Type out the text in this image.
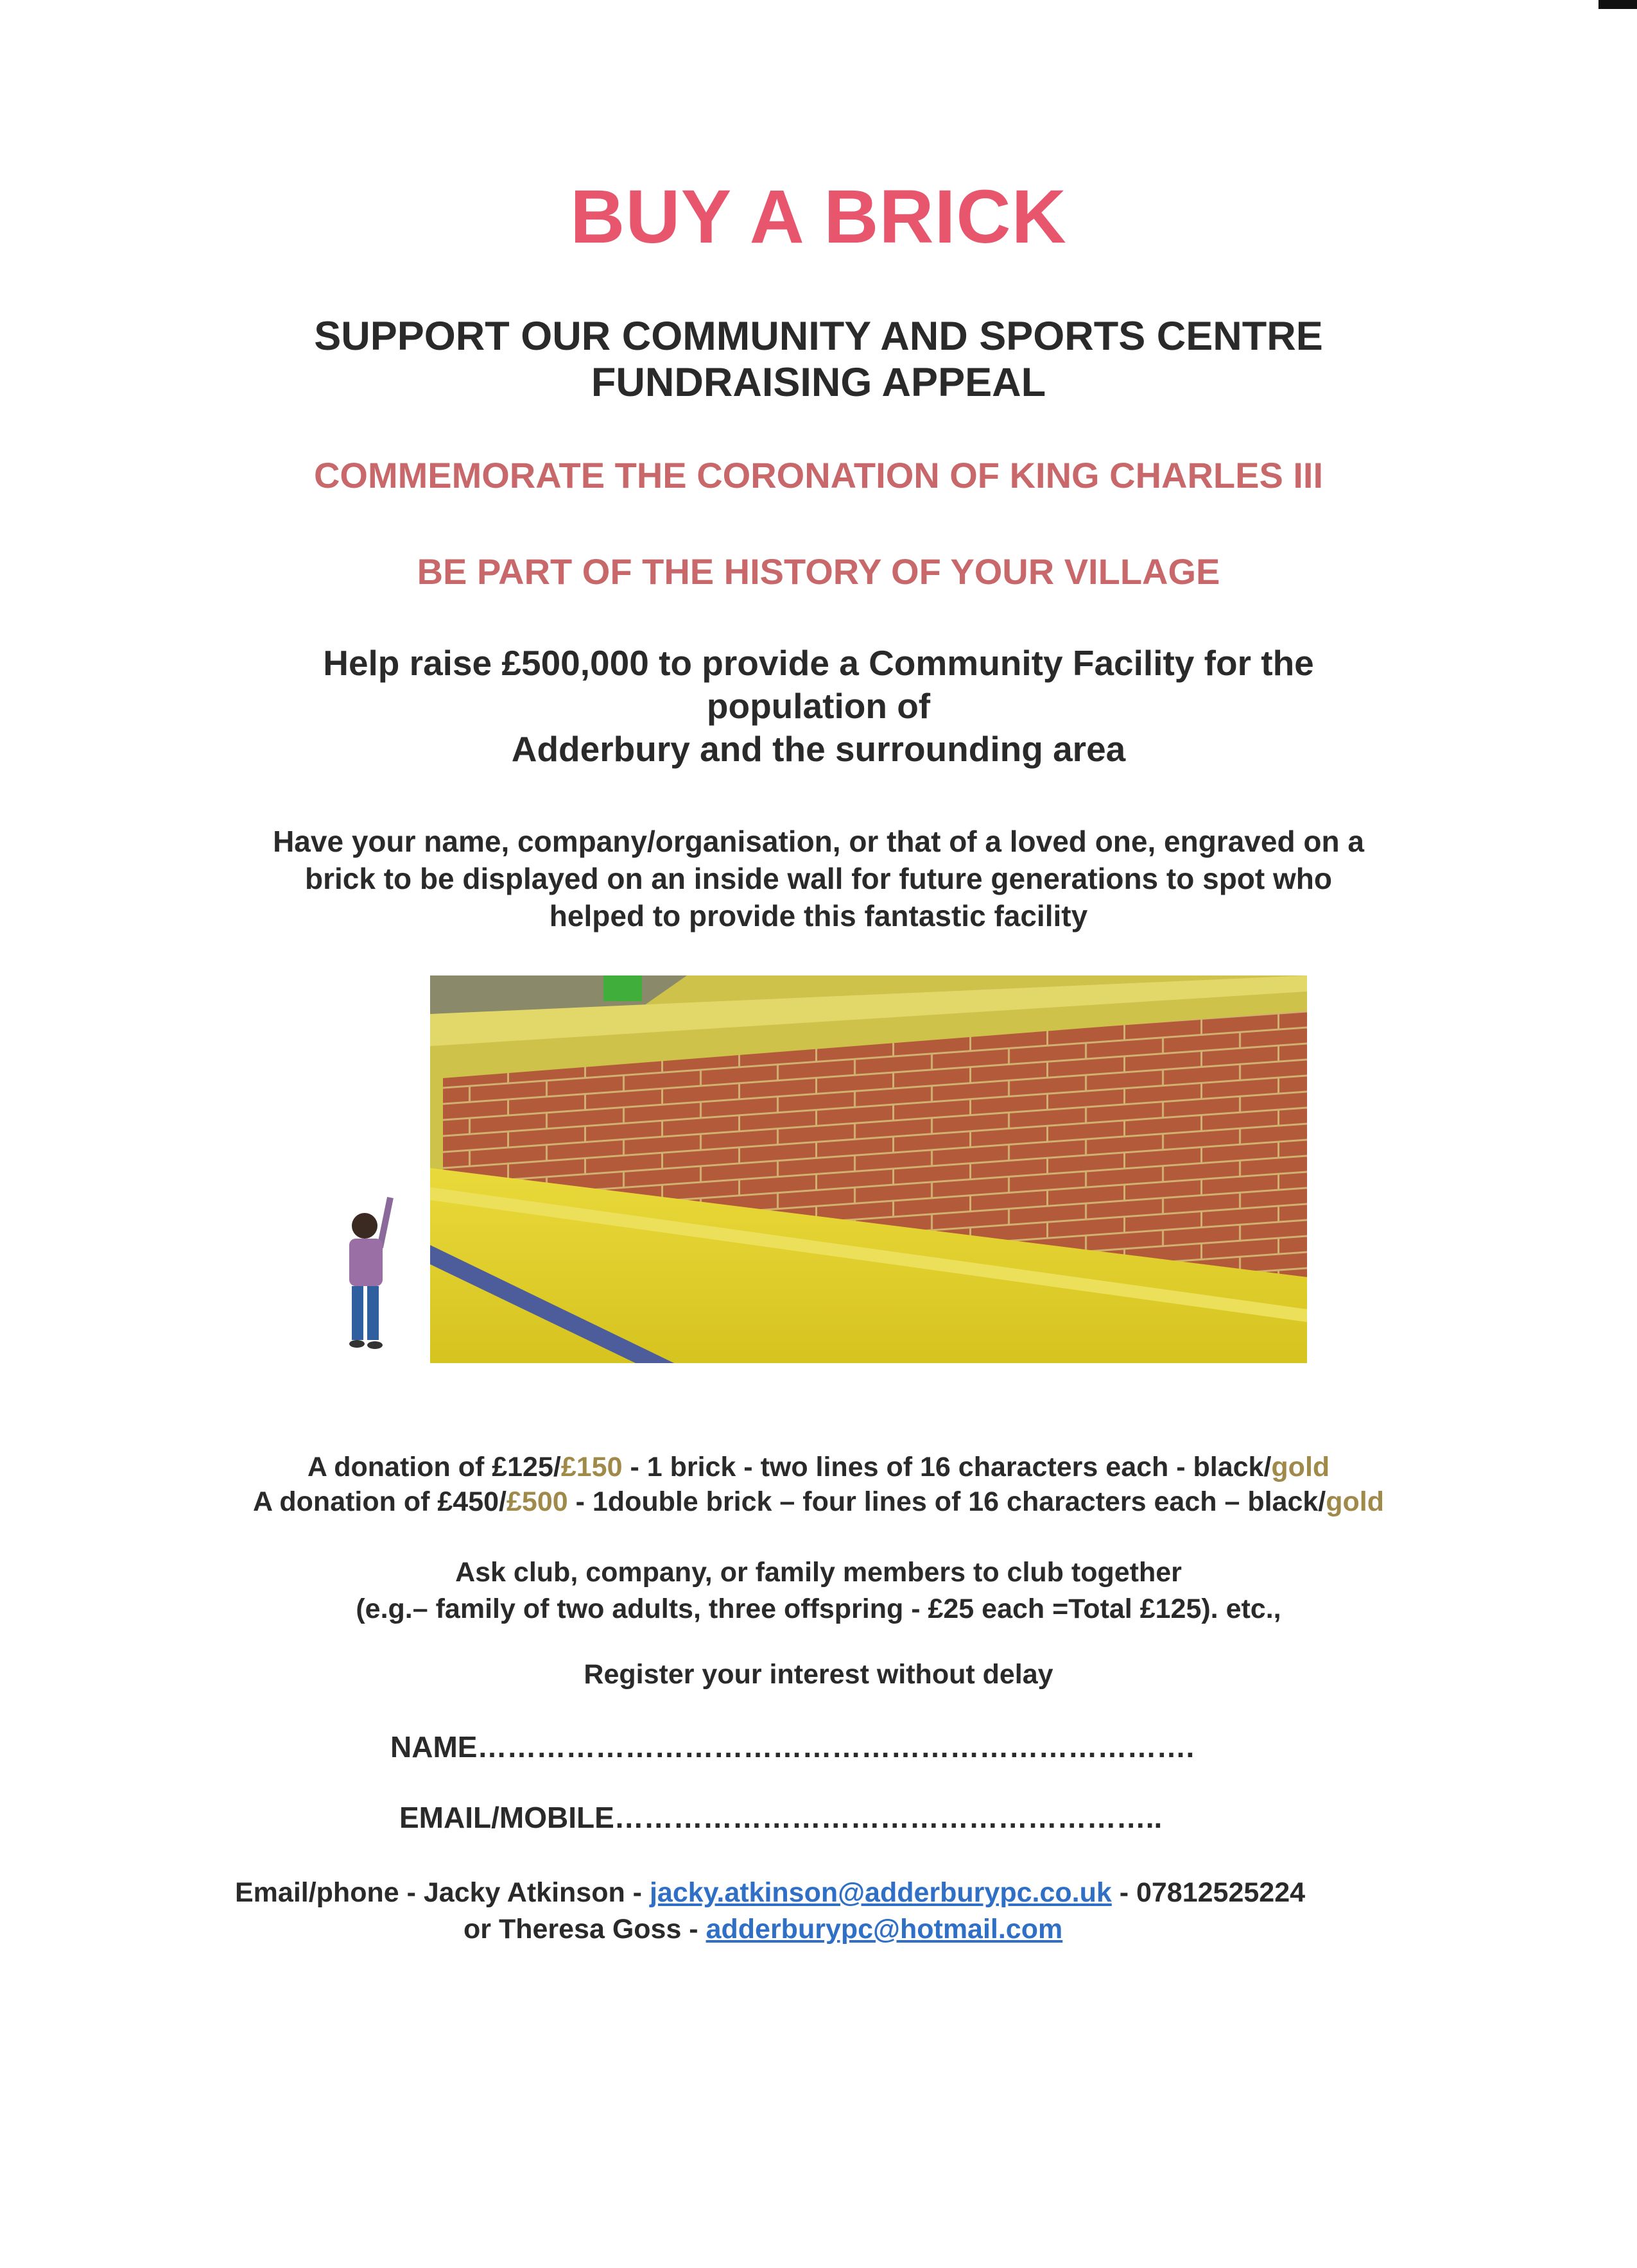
BUY A BRICK
SUPPORT OUR COMMUNITY AND SPORTS CENTRE
FUNDRAISING APPEAL
COMMEMORATE THE CORONATION OF KING CHARLES III
BE PART OF THE HISTORY OF YOUR VILLAGE
Help raise £500,000 to provide a Community Facility for the
population of
Adderbury and the surrounding area
Have your name, company/organisation, or that of a loved one, engraved on a
brick to be displayed on an inside wall for future generations to spot who
helped to provide this fantastic facility
A donation of £125/£150 - 1 brick - two lines of 16 characters each - black/gold
A donation of £450/£500 - 1double brick – four lines of 16 characters each – black/gold
Ask club, company, or family members to club together
(e.g.– family of two adults, three offspring - £25 each =Total £125). etc.,
Register your interest without delay
NAME……………………………………………………………….
EMAIL/MOBILE………………………………………………..
Email/phone - Jacky Atkinson - jacky.atkinson@adderburypc.co.uk - 07812525224
or Theresa Goss - adderburypc@hotmail.com
